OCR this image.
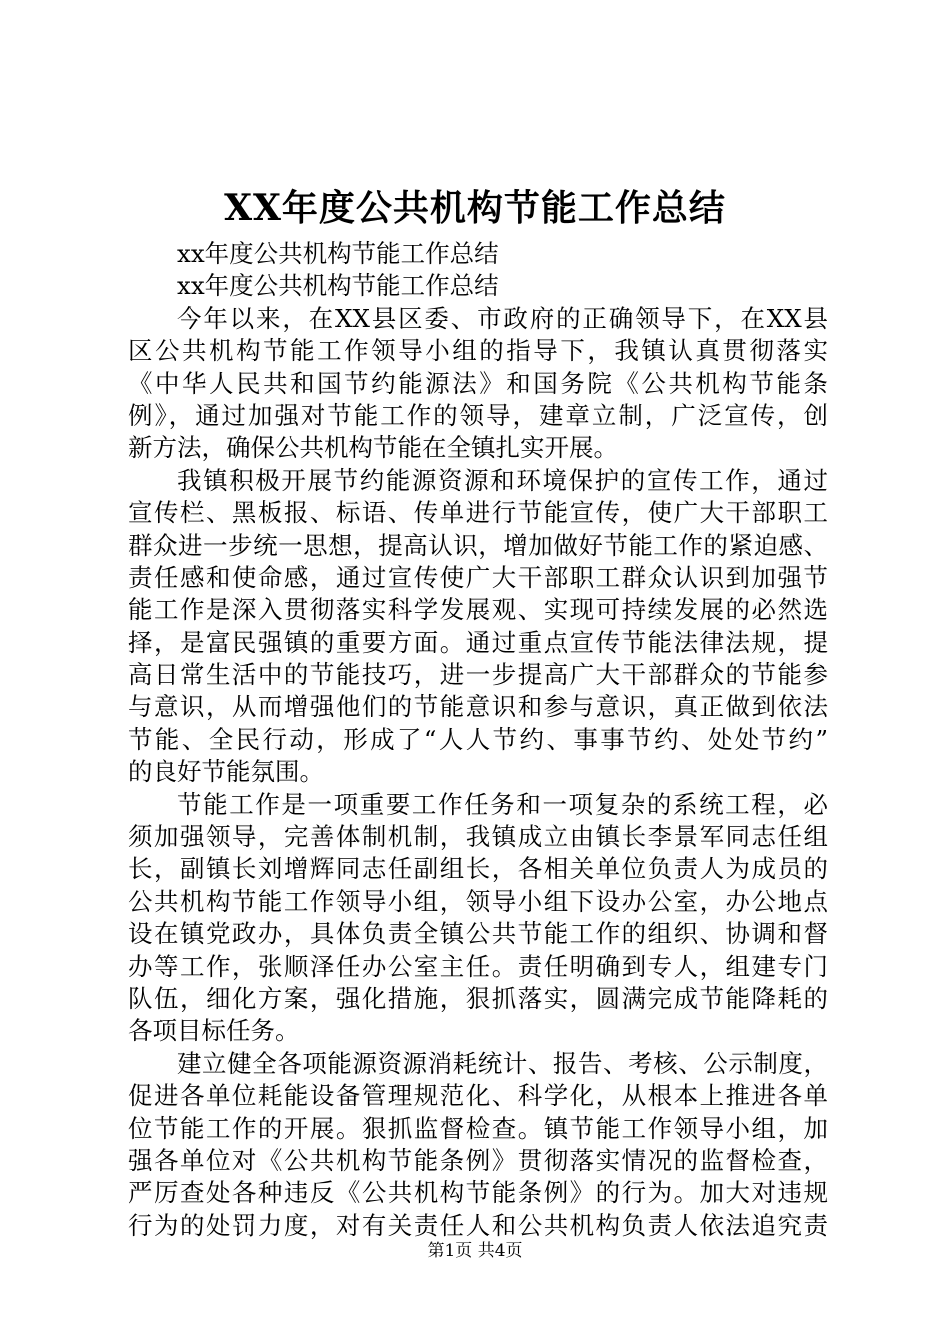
XX年度公共机构节能工作总结
xx年度公共机构节能工作总结
xx年度公共机构节能工作总结
今年以来，在XX县区委、市政府的正确领导下，在XX县
区公共机构节能工作领导小组的指导下，我镇认真贯彻落实
《中华人民共和国节约能源法》和国务院《公共机构节能条
例》，通过加强对节能工作的领导，建章立制，广泛宣传，创
新方法，确保公共机构节能在全镇扎实开展。
我镇积极开展节约能源资源和环境保护的宣传工作，通过
宣传栏、黑板报、标语、传单进行节能宣传，使广大干部职工
群众进一步统一思想，提高认识，增加做好节能工作的紧迫感、
责任感和使命感，通过宣传使广大干部职工群众认识到加强节
能工作是深入贯彻落实科学发展观、实现可持续发展的必然选
择，是富民强镇的重要方面。通过重点宣传节能法律法规，提
高日常生活中的节能技巧，进一步提高广大干部群众的节能参
与意识，从而增强他们的节能意识和参与意识，真正做到依法
节能、全民行动，形成了“人人节约、事事节约、处处节约”
的良好节能氛围。
节能工作是一项重要工作任务和一项复杂的系统工程，必
须加强领导，完善体制机制，我镇成立由镇长李景军同志任组
长，副镇长刘增辉同志任副组长，各相关单位负责人为成员的
公共机构节能工作领导小组，领导小组下设办公室，办公地点
设在镇党政办，具体负责全镇公共节能工作的组织、协调和督
办等工作，张顺泽任办公室主任。责任明确到专人，组建专门
队伍，细化方案，强化措施，狠抓落实，圆满完成节能降耗的
各项目标任务。
建立健全各项能源资源消耗统计、报告、考核、公示制度，
促进各单位耗能设备管理规范化、科学化，从根本上推进各单
位节能工作的开展。狠抓监督检查。镇节能工作领导小组，加
强各单位对《公共机构节能条例》贯彻落实情况的监督检查，
严厉查处各种违反《公共机构节能条例》的行为。加大对违规
行为的处罚力度，对有关责任人和公共机构负责人依法追究责
第1页 共4页
